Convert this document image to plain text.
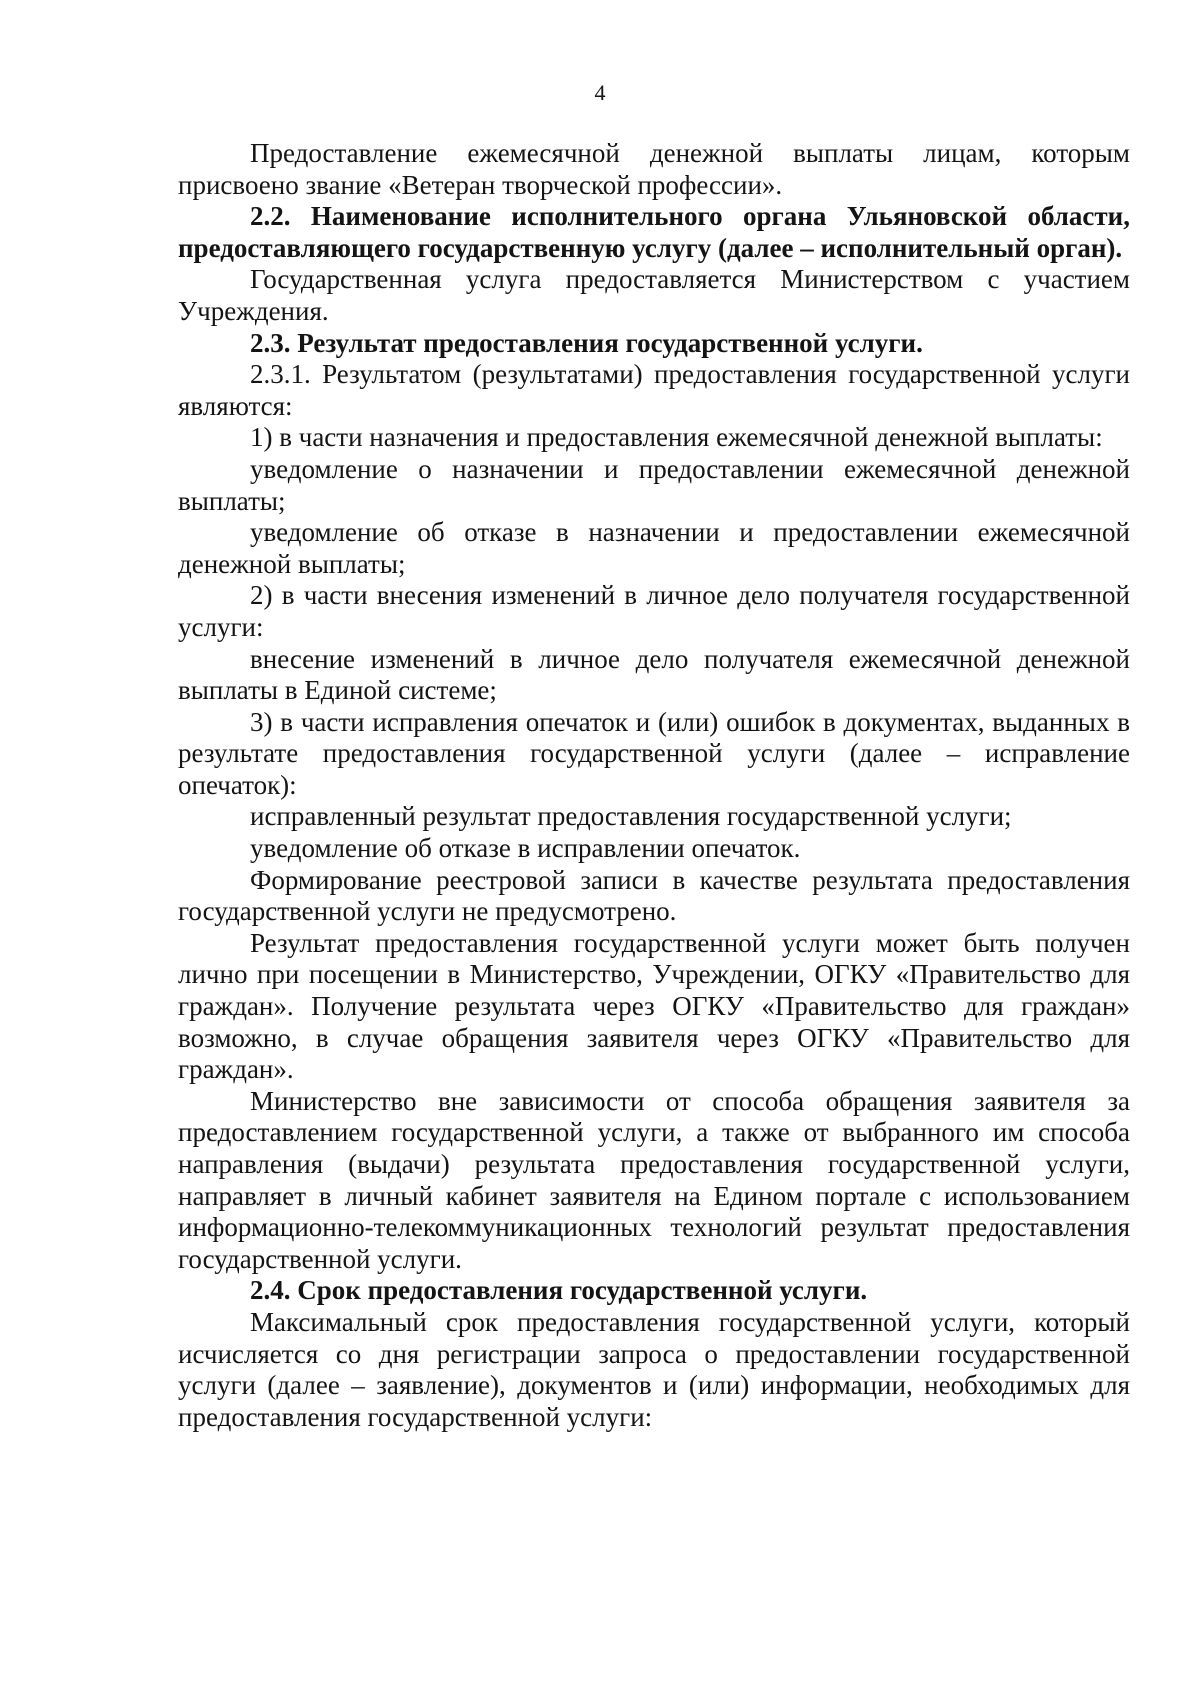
4

Предоставление ежемесячной денежной выплаты лицам, которым присвоено звание «Ветеран творческой профессии».

2.2. Наименование исполнительного органа Ульяновской области, предоставляющего государственную услугу (далее – исполнительный орган).

Государственная услуга предоставляется Министерством с участием Учреждения.

2.3. Результат предоставления государственной услуги.

2.3.1. Результатом (результатами) предоставления государственной услуги являются:

1) в части назначения и предоставления ежемесячной денежной выплаты:

уведомление о назначении и предоставлении ежемесячной денежной выплаты;

уведомление об отказе в назначении и предоставлении ежемесячной денежной выплаты;

2) в части внесения изменений в личное дело получателя государственной услуги:

внесение изменений в личное дело получателя ежемесячной денежной выплаты в Единой системе;

3) в части исправления опечаток и (или) ошибок в документах, выданных в результате предоставления государственной услуги (далее – исправление опечаток):

исправленный результат предоставления государственной услуги;

уведомление об отказе в исправлении опечаток.

Формирование реестровой записи в качестве результата предоставления государственной услуги не предусмотрено.

Результат предоставления государственной услуги может быть получен лично при посещении в Министерство, Учреждении, ОГКУ «Правительство для граждан». Получение результата через ОГКУ «Правительство для граждан» возможно, в случае обращения заявителя через ОГКУ «Правительство для граждан».

Министерство вне зависимости от способа обращения заявителя за предоставлением государственной услуги, а также от выбранного им способа направления (выдачи) результата предоставления государственной услуги, направляет в личный кабинет заявителя на Едином портале с использованием информационно-телекоммуникационных технологий результат предоставления государственной услуги.

2.4. Срок предоставления государственной услуги.

Максимальный срок предоставления государственной услуги, который исчисляется со дня регистрации запроса о предоставлении государственной услуги (далее – заявление), документов и (или) информации, необходимых для предоставления государственной услуги:
